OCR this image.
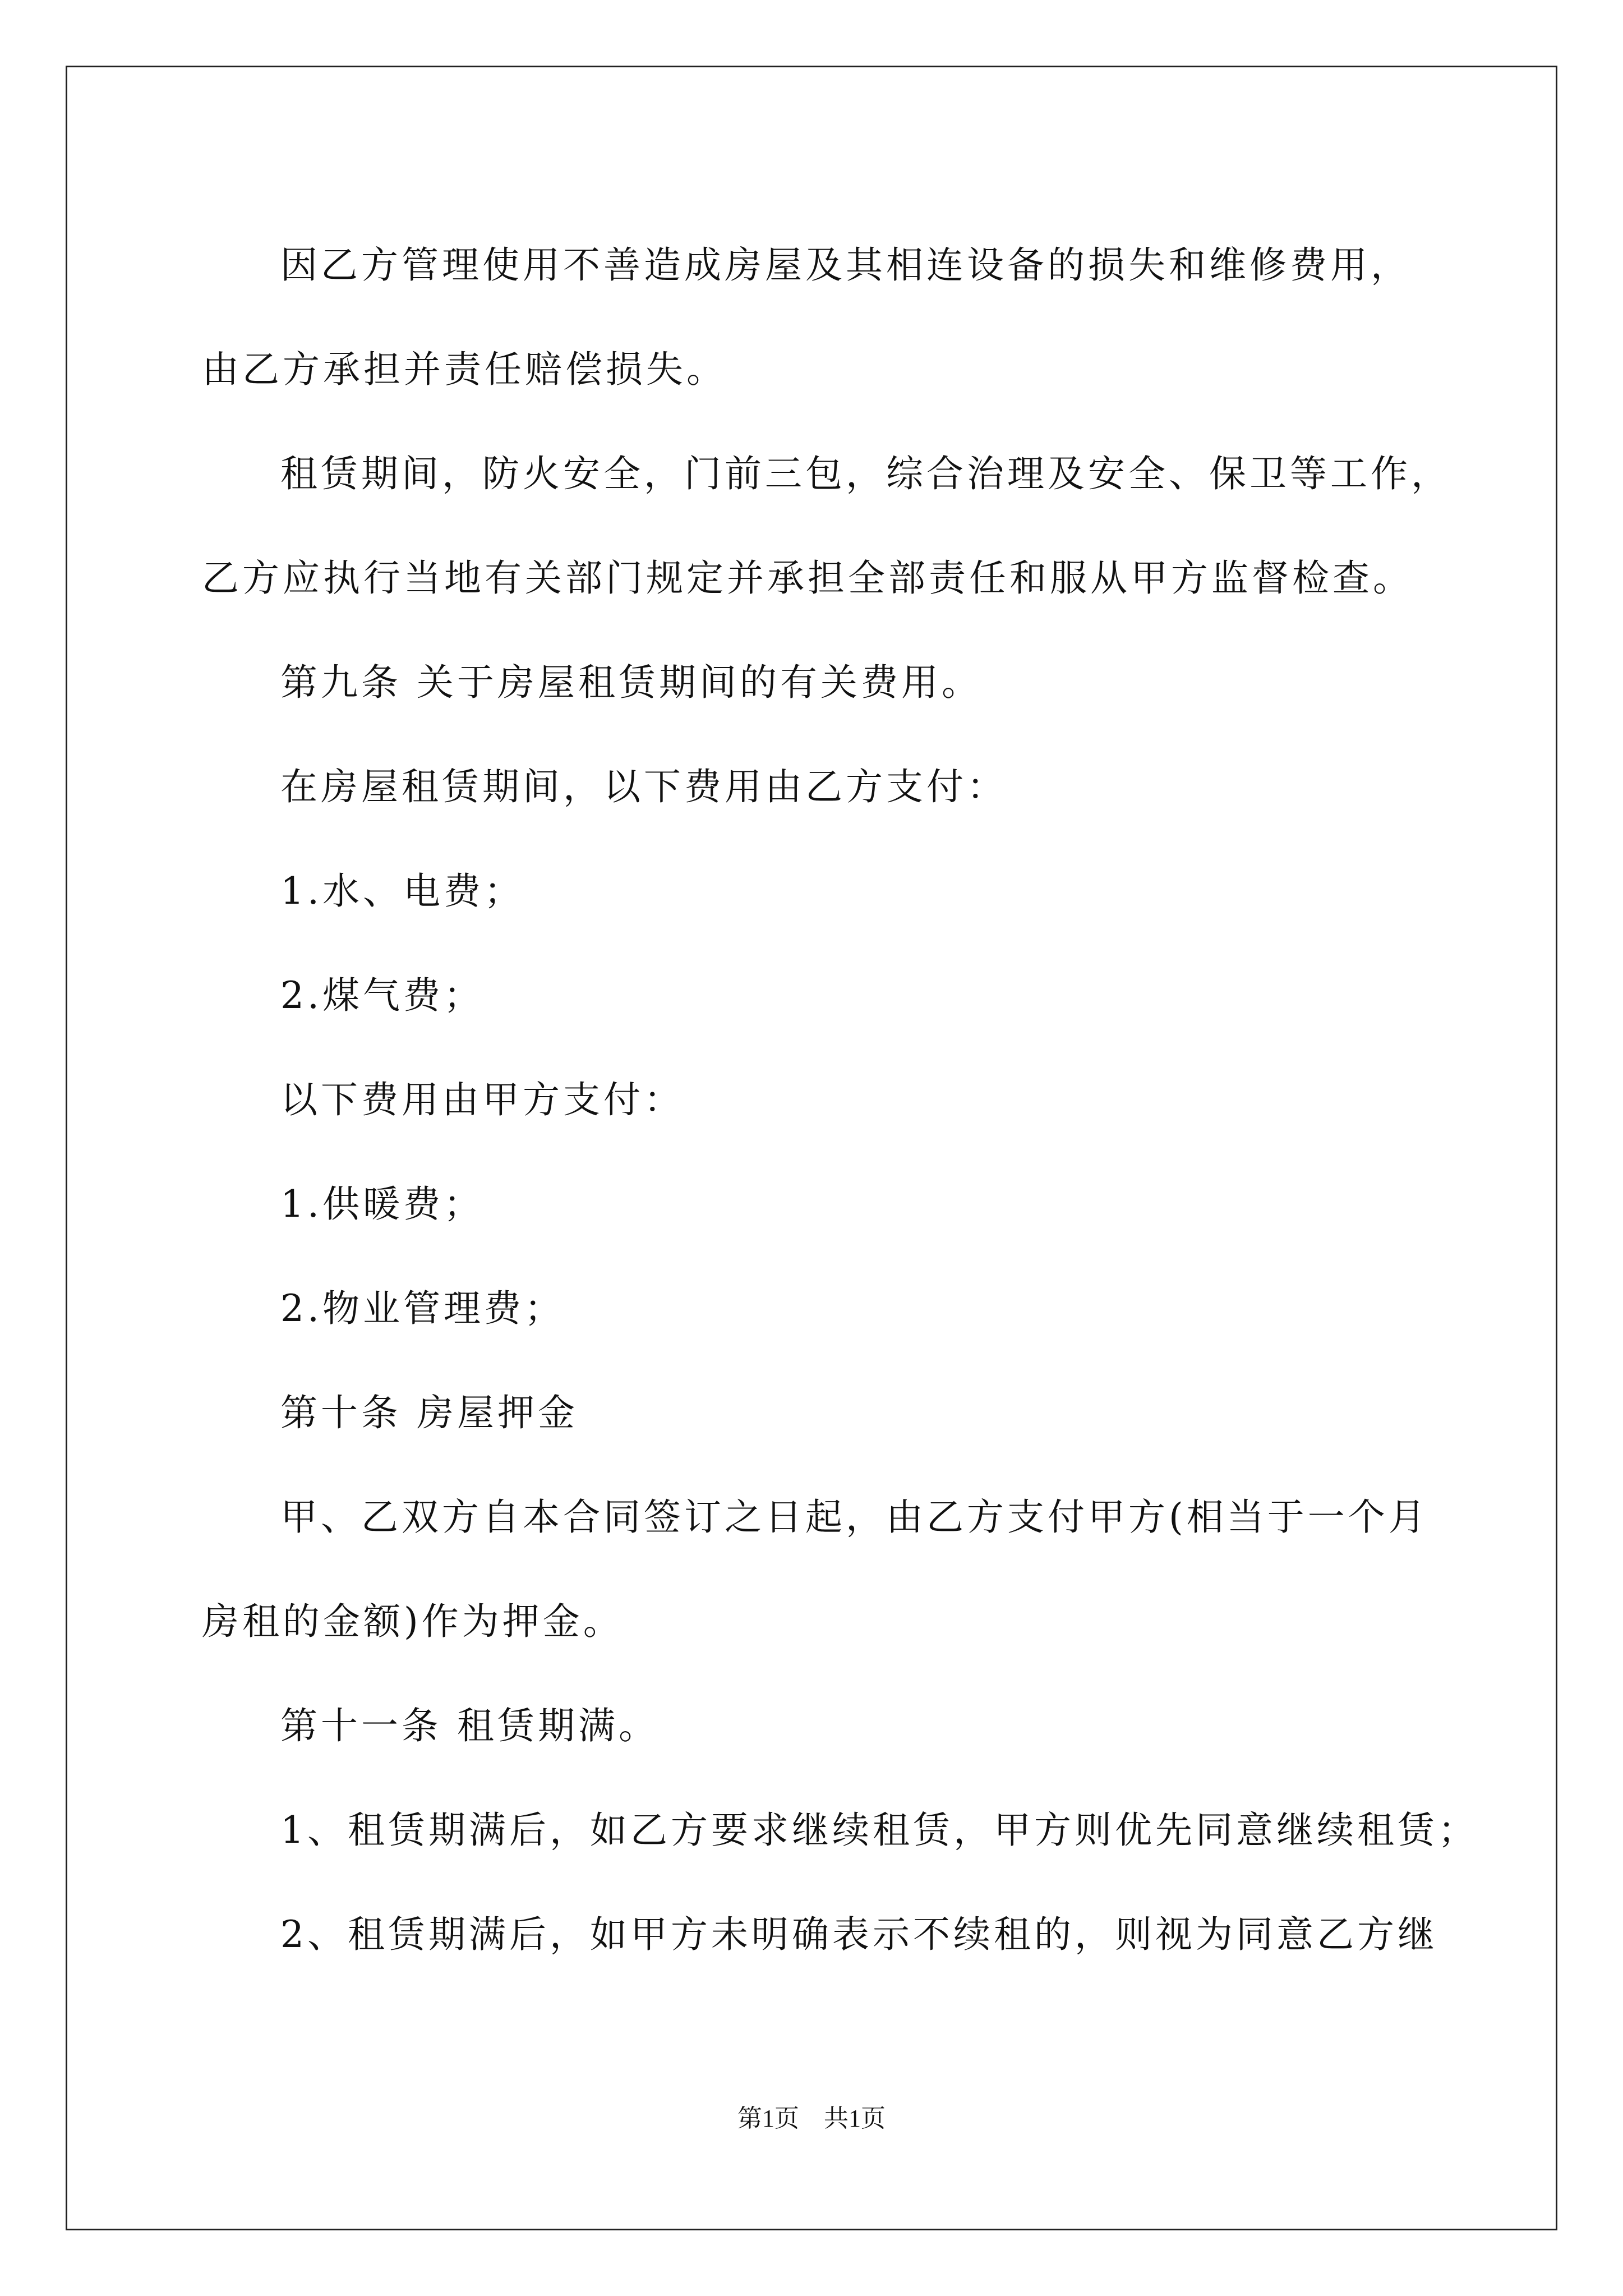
因乙方管理使用不善造成房屋及其相连设备的损失和维修费用，

由乙方承担并责任赔偿损失。

租赁期间，防火安全，门前三包，综合治理及安全、保卫等工作，

乙方应执行当地有关部门规定并承担全部责任和服从甲方监督检查。

第九条 关于房屋租赁期间的有关费用。

在房屋租赁期间，以下费用由乙方支付：

1.水、电费；

2.煤气费；

以下费用由甲方支付：

1.供暖费；

2.物业管理费；

第十条 房屋押金

甲、乙双方自本合同签订之日起，由乙方支付甲方(相当于一个月

房租的金额)作为押金。

第十一条 租赁期满。

1、租赁期满后，如乙方要求继续租赁，甲方则优先同意继续租赁；

2、租赁期满后，如甲方未明确表示不续租的，则视为同意乙方继

第1页　共1页
